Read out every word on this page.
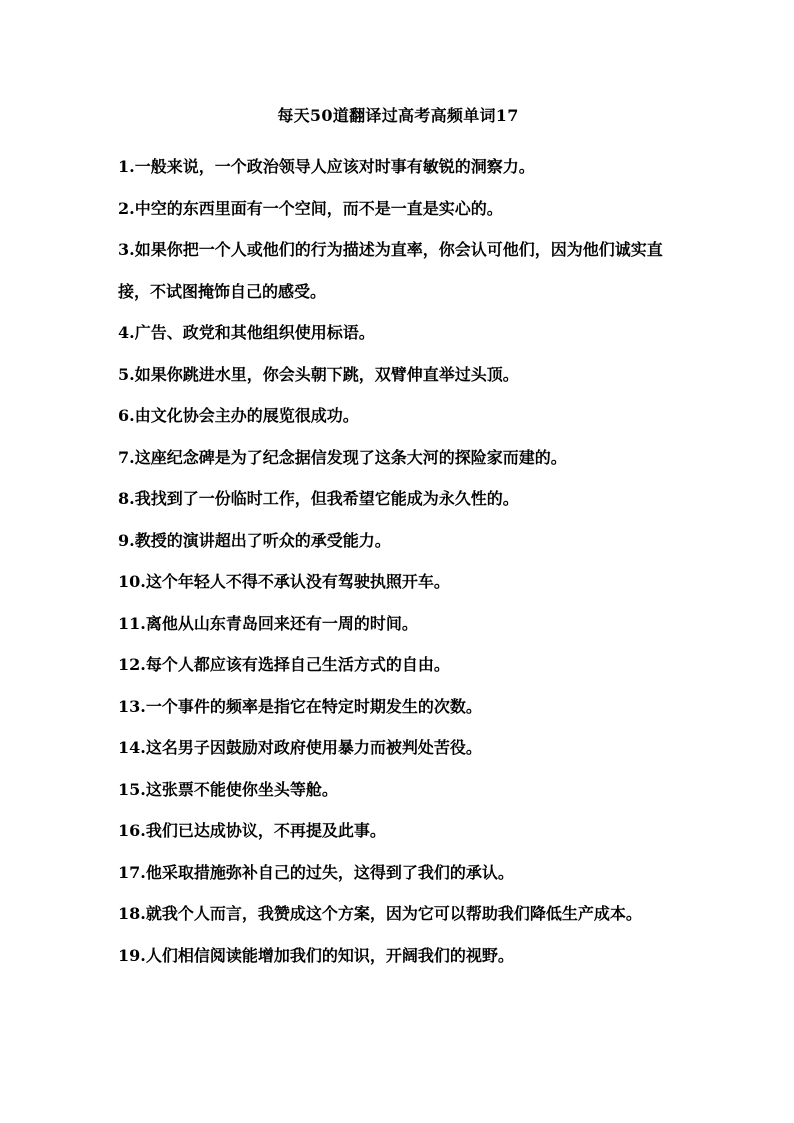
每天50道翻译过高考高频单词17
1.一般来说，一个政治领导人应该对时事有敏锐的洞察力。
2.中空的东西里面有一个空间，而不是一直是实心的。
3.如果你把一个人或他们的行为描述为直率，你会认可他们，因为他们诚实直接，不试图掩饰自己的感受。
4.广告、政党和其他组织使用标语。
5.如果你跳进水里，你会头朝下跳，双臂伸直举过头顶。
6.由文化协会主办的展览很成功。
7.这座纪念碑是为了纪念据信发现了这条大河的探险家而建的。
8.我找到了一份临时工作，但我希望它能成为永久性的。
9.教授的演讲超出了听众的承受能力。
10.这个年轻人不得不承认没有驾驶执照开车。
11.离他从山东青岛回来还有一周的时间。
12.每个人都应该有选择自己生活方式的自由。
13.一个事件的频率是指它在特定时期发生的次数。
14.这名男子因鼓励对政府使用暴力而被判处苦役。
15.这张票不能使你坐头等舱。
16.我们已达成协议，不再提及此事。
17.他采取措施弥补自己的过失，这得到了我们的承认。
18.就我个人而言，我赞成这个方案，因为它可以帮助我们降低生产成本。
19.人们相信阅读能增加我们的知识，开阔我们的视野。
